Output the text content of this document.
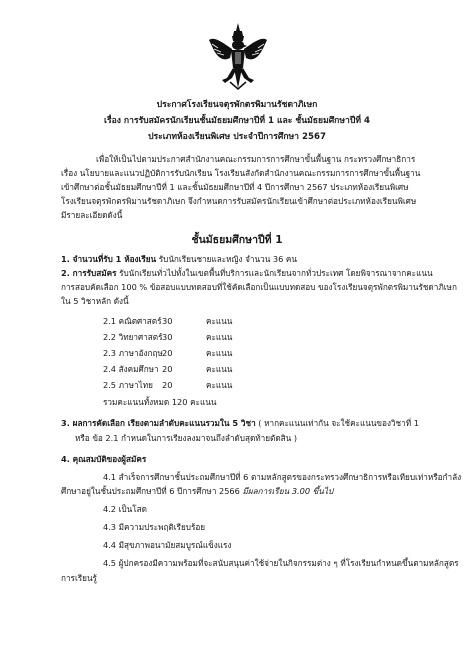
ประกาศโรงเรียนจตุรพักตรพิมานรัชดาภิเษก
เรื่อง การรับสมัครนักเรียนชั้นมัธยมศึกษาปีที่ 1 และ ชั้นมัธยมศึกษาปีที่ 4
ประเภทห้องเรียนพิเศษ ประจำปีการศึกษา 2567
เพื่อให้เป็นไปตามประกาศสำนักงานคณะกรรมการการศึกษาขั้นพื้นฐาน กระทรวงศึกษาธิการ
เรื่อง นโยบายและแนวปฏิบัติการรับนักเรียน โรงเรียนสังกัดสำนักงานคณะกรรมการการศึกษาขั้นพื้นฐาน
เข้าศึกษาต่อชั้นมัธยมศึกษาปีที่ 1 และชั้นมัธยมศึกษาปีที่ 4 ปีการศึกษา 2567 ประเภทห้องเรียนพิเศษ
โรงเรียนจตุรพักตรพิมานรัชดาภิเษก จึงกำหนดการรับสมัครนักเรียนเข้าศึกษาต่อประเภทห้องเรียนพิเศษ
มีรายละเอียดดังนี้
ชั้นมัธยมศึกษาปีที่ 1
1. จำนวนที่รับ 1 ห้องเรียน รับนักเรียนชายและหญิง จำนวน 36 คน
2. การรับสมัคร รับนักเรียนทั่วไปทั้งในเขตพื้นที่บริการและนักเรียนจากทั่วประเทศ โดยพิจารณาจากคะแนน
การสอบคัดเลือก 100 % ข้อสอบแบบทดสอบที่ใช้คัดเลือกเป็นแบบทดสอบ ของโรงเรียนจตุรพักตรพิมานรัชดาภิเษก
ใน 5 วิชาหลัก ดังนี้
2.1 คณิตศาสตร์ 30	คะแนน
2.2 วิทยาศาสตร์ 30	คะแนน
2.3 ภาษาอังกฤษ 20	คะแนน
2.4 สังคมศึกษา 20	คะแนน
2.5 ภาษาไทย 20	คะแนน
รวมคะแนนทั้งหมด 120 คะแนน
3. ผลการคัดเลือก เรียงตามลำดับคะแนนรวมใน 5 วิชา ( หากคะแนนเท่ากัน จะใช้คะแนนของวิชาที่ 1
หรือ ข้อ 2.1 กำหนดในการเรียงลงมาจนถึงลำดับสุดท้ายตัดสิน )
4. คุณสมบัติของผู้สมัคร
4.1 สำเร็จการศึกษาชั้นประถมศึกษาปีที่ 6 ตามหลักสูตรของกระทรวงศึกษาธิการหรือเทียบเท่าหรือกำลัง
ศึกษาอยู่ในชั้นประถมศึกษาปีที่ 6 ปีการศึกษา 2566 มีผลการเรียน 3.00 ขึ้นไป
4.2 เป็นโสด
4.3 มีความประพฤติเรียบร้อย
4.4 มีสุขภาพอนามัยสมบูรณ์แข็งแรง
4.5 ผู้ปกครองมีความพร้อมที่จะสนับสนุนค่าใช้จ่ายในกิจกรรมต่าง ๆ ที่โรงเรียนกำหนดขึ้นตามหลักสูตร
การเรียนรู้
